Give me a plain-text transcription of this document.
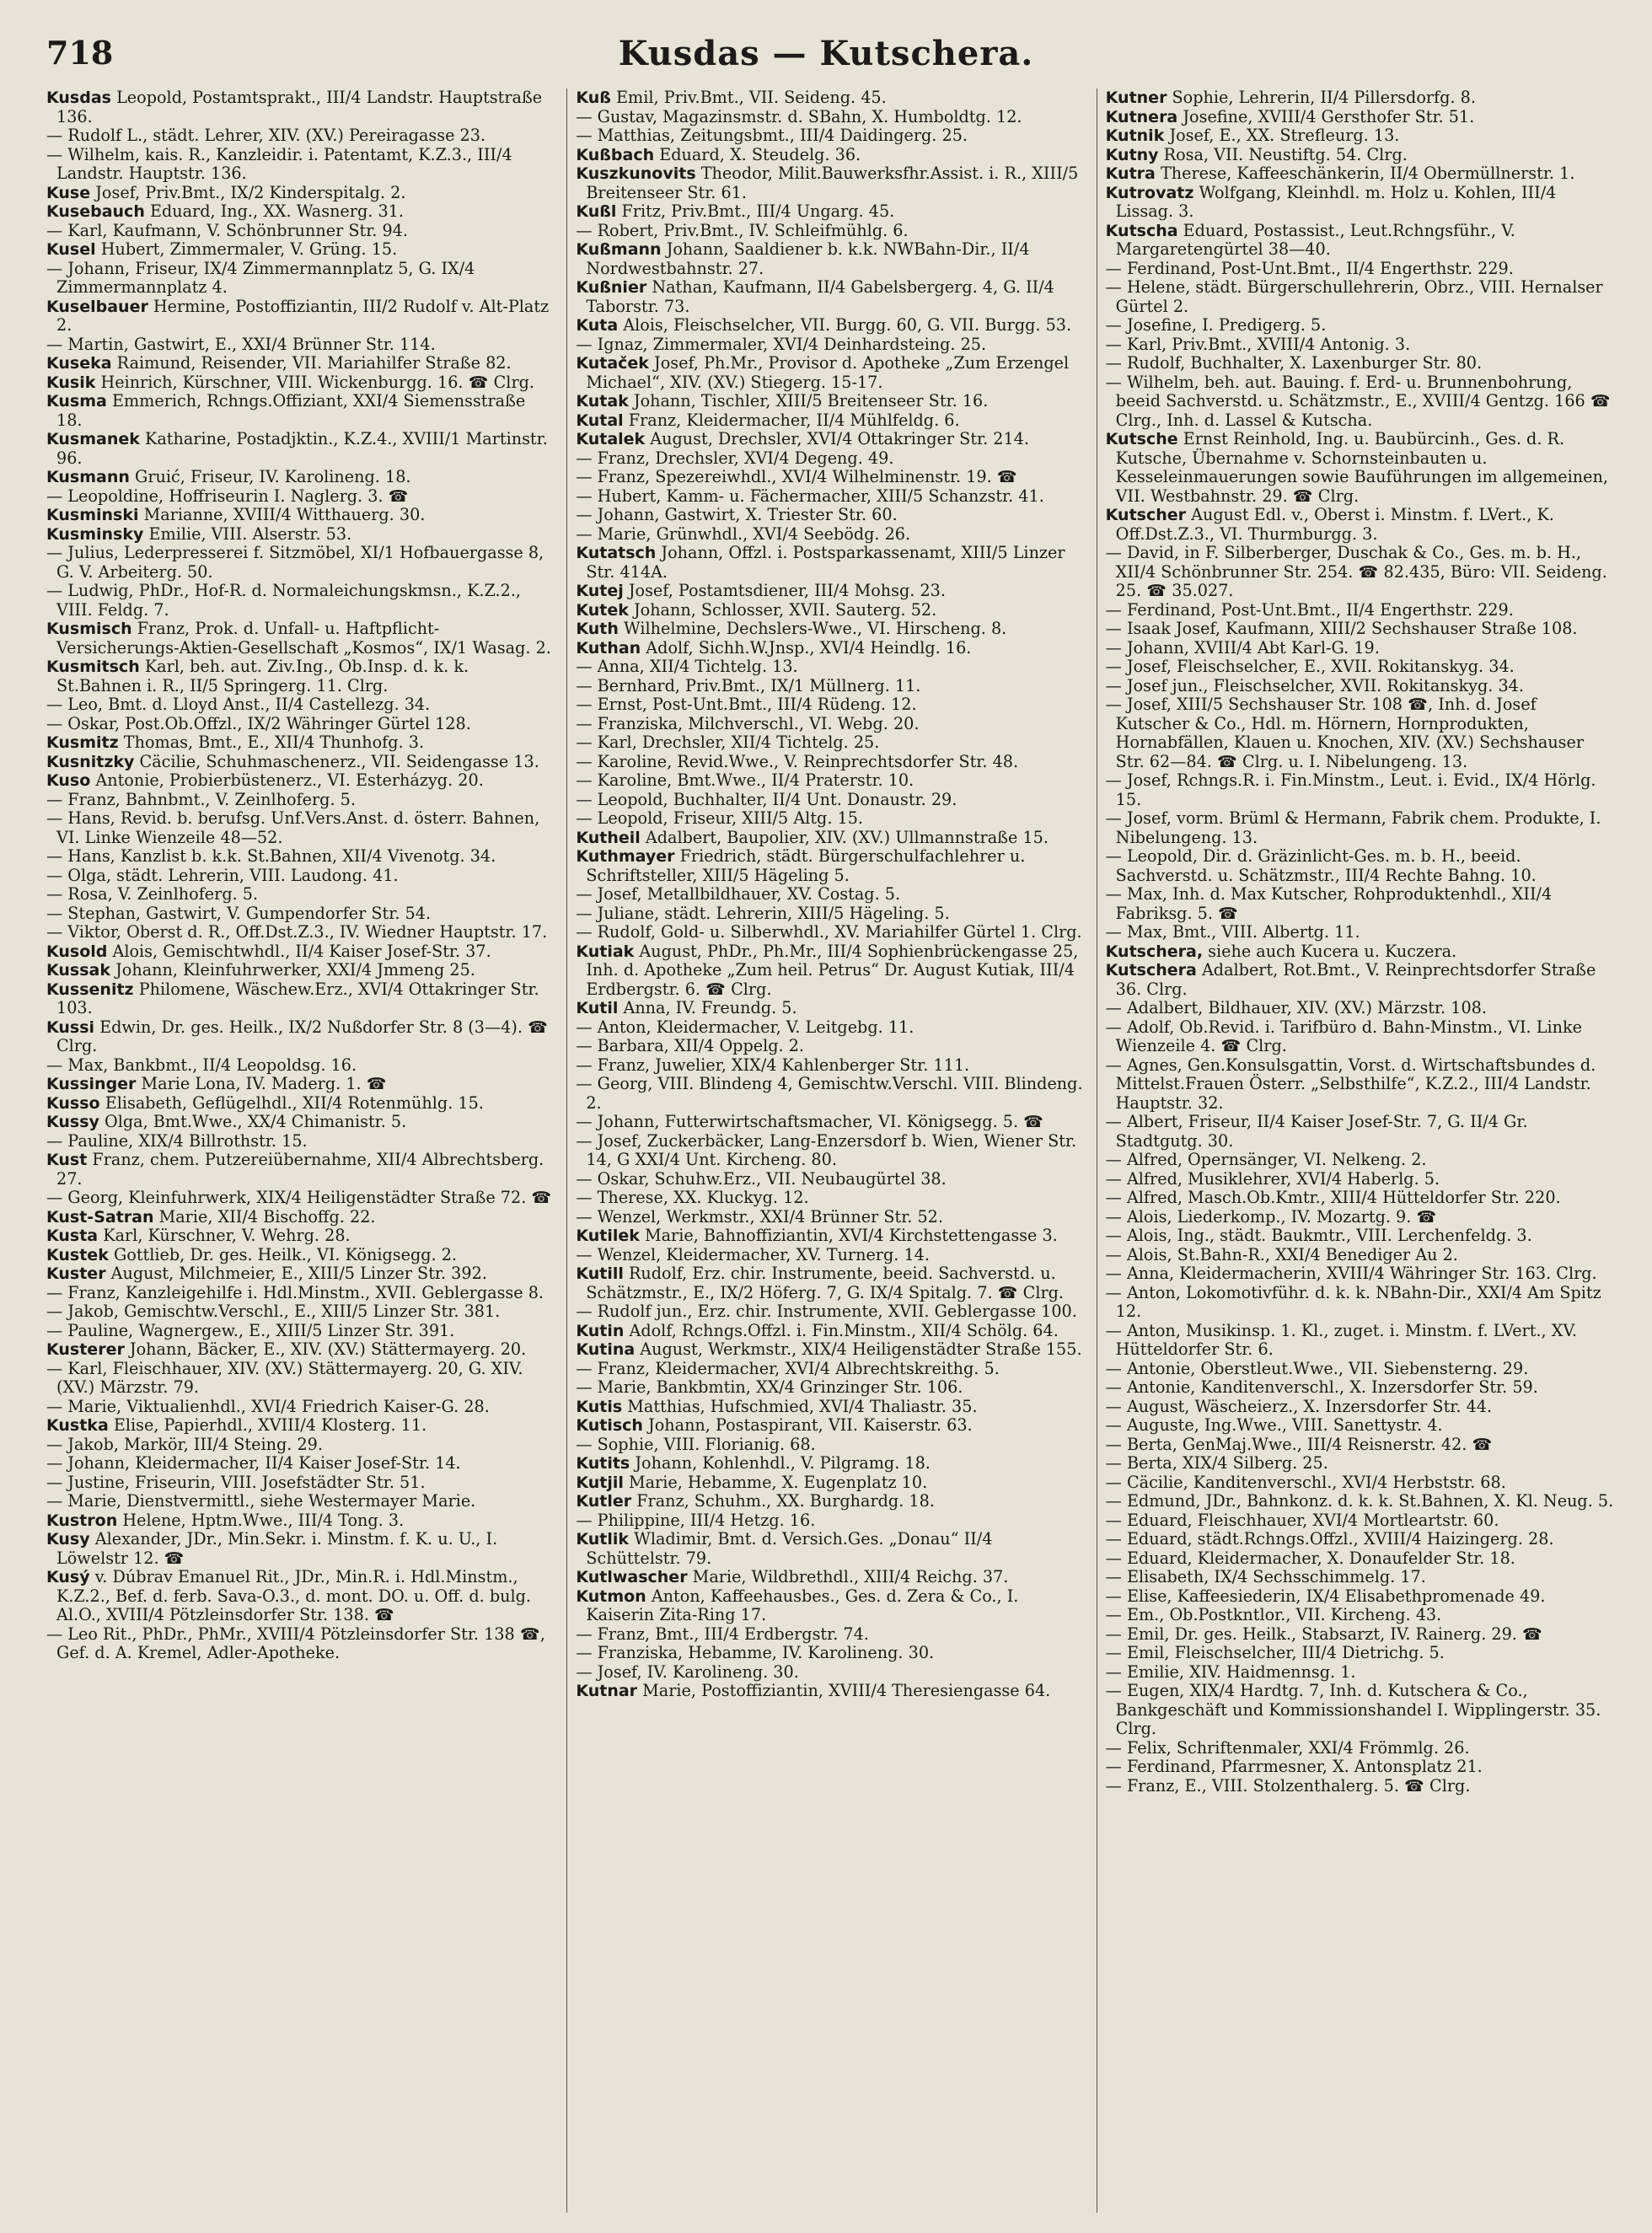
718	Kusdas — Kutschera.

Kusdas Leopold, Postamtsprakt., III/4 Landstr. Hauptstraße 136.

— Rudolf L., städt. Lehrer, XIV. (XV.) Pereiragasse 23.

— Wilhelm, kais. R., Kanzleidir. i. Patentamt, K.Z.3., III/4 Landstr. Hauptstr. 136.

Kuse Josef, Priv.Bmt., IX/2 Kinderspitalg. 2.

Kusebauch Eduard, Ing., XX. Wasnerg. 31.

— Karl, Kaufmann, V. Schönbrunner Str. 94.

Kusel Hubert, Zimmermaler, V. Grüng. 15.

— Johann, Friseur, IX/4 Zimmermannplatz 5, G. IX/4 Zimmermannplatz 4.

Kuselbauer Hermine, Postoffiziantin, III/2 Rudolf v. Alt-Platz 2.

— Martin, Gastwirt, E., XXI/4 Brünner Str. 114.

Kuseka Raimund, Reisender, VII. Mariahilfer Straße 82.

Kusik Heinrich, Kürschner, VIII. Wickenburgg. 16. ☎ Clrg.

Kusma Emmerich, Rchngs.Offiziant, XXI/4 Siemensstraße 18.

Kusmanek Katharine, Postadjktin., K.Z.4., XVIII/1 Martinstr. 96.

Kusmann Gruić, Friseur, IV. Karolineng. 18.

— Leopoldine, Hoffriseurin I. Naglerg. 3. ☎

Kusminski Marianne, XVIII/4 Witthauerg. 30.

Kusminsky Emilie, VIII. Alserstr. 53.

— Julius, Lederpresserei f. Sitzmöbel, XI/1 Hofbauergasse 8, G. V. Arbeiterg. 50.

— Ludwig, PhDr., Hof-R. d. Normaleichungskmsn., K.Z.2., VIII. Feldg. 7.

Kusmisch Franz, Prok. d. Unfall- u. Haftpflicht-Versicherungs-Aktien-Gesellschaft „Kosmos“, IX/1 Wasag. 2.

Kusmitsch Karl, beh. aut. Ziv.Ing., Ob.Insp. d. k. k. St.Bahnen i. R., II/5 Springerg. 11. Clrg.

— Leo, Bmt. d. Lloyd Anst., II/4 Castellezg. 34.

— Oskar, Post.Ob.Offzl., IX/2 Währinger Gürtel 128.

Kusmitz Thomas, Bmt., E., XII/4 Thunhofg. 3.

Kusnitzky Cäcilie, Schuhmaschenerz., VII. Seidengasse 13.

Kuso Antonie, Probierbüstenerz., VI. Esterházyg. 20.

— Franz, Bahnbmt., V. Zeinlhoferg. 5.

— Hans, Revid. b. berufsg. Unf.Vers.Anst. d. österr. Bahnen, VI. Linke Wienzeile 48—52.

— Hans, Kanzlist b. k.k. St.Bahnen, XII/4 Vivenotg. 34.

— Olga, städt. Lehrerin, VIII. Laudong. 41.

— Rosa, V. Zeinlhoferg. 5.

— Stephan, Gastwirt, V. Gumpendorfer Str. 54.

— Viktor, Oberst d. R., Off.Dst.Z.3., IV. Wiedner Hauptstr. 17.

Kusold Alois, Gemischtwhdl., II/4 Kaiser Josef-Str. 37.

Kussak Johann, Kleinfuhrwerker, XXI/4 Jmmeng 25.

Kussenitz Philomene, Wäschew.Erz., XVI/4 Ottakringer Str. 103.

Kussi Edwin, Dr. ges. Heilk., IX/2 Nußdorfer Str. 8 (3—4). ☎ Clrg.

— Max, Bankbmt., II/4 Leopoldsg. 16.

Kussinger Marie Lona, IV. Maderg. 1. ☎

Kusso Elisabeth, Geflügelhdl., XII/4 Rotenmühlg. 15.

Kussy Olga, Bmt.Wwe., XX/4 Chimanistr. 5.

— Pauline, XIX/4 Billrothstr. 15.

Kust Franz, chem. Putzereiübernahme, XII/4 Albrechtsberg. 27.

— Georg, Kleinfuhrwerk, XIX/4 Heiligenstädter Straße 72. ☎

Kust-Satran Marie, XII/4 Bischoffg. 22.

Kusta Karl, Kürschner, V. Wehrg. 28.

Kustek Gottlieb, Dr. ges. Heilk., VI. Königsegg. 2.

Kuster August, Milchmeier, E., XIII/5 Linzer Str. 392.

— Franz, Kanzleigehilfe i. Hdl.Minstm., XVII. Geblergasse 8.

— Jakob, Gemischtw.Verschl., E., XIII/5 Linzer Str. 381.

— Pauline, Wagnergew., E., XIII/5 Linzer Str. 391.

Kusterer Johann, Bäcker, E., XIV. (XV.) Stättermayerg. 20.

— Karl, Fleischhauer, XIV. (XV.) Stättermayerg. 20, G. XIV. (XV.) Märzstr. 79.

— Marie, Viktualienhdl., XVI/4 Friedrich Kaiser-G. 28.

Kustka Elise, Papierhdl., XVIII/4 Klosterg. 11.

— Jakob, Markör, III/4 Steing. 29.

— Johann, Kleidermacher, II/4 Kaiser Josef-Str. 14.

— Justine, Friseurin, VIII. Josefstädter Str. 51.

— Marie, Dienstvermittl., siehe Westermayer Marie.

Kustron Helene, Hptm.Wwe., III/4 Tong. 3.

Kusy Alexander, JDr., Min.Sekr. i. Minstm. f. K. u. U., I. Löwelstr 12. ☎

Kusý v. Dúbrav Emanuel Rit., JDr., Min.R. i. Hdl.Minstm., K.Z.2., Bef. d. ferb. Sava-O.3., d. mont. DO. u. Off. d. bulg. Al.O., XVIII/4 Pötzleinsdorfer Str. 138. ☎

— Leo Rit., PhDr., PhMr., XVIII/4 Pötzleinsdorfer Str. 138 ☎, Gef. d. A. Kremel, Adler-Apotheke.

Kuß Emil, Priv.Bmt., VII. Seideng. 45.

— Gustav, Magazinsmstr. d. SBahn, X. Humboldtg. 12.

— Matthias, Zeitungsbmt., III/4 Daidingerg. 25.

Kußbach Eduard, X. Steudelg. 36.

Kuszkunovits Theodor, Milit.Bauwerksfhr.Assist. i. R., XIII/5 Breitenseer Str. 61.

Kußl Fritz, Priv.Bmt., III/4 Ungarg. 45.

— Robert, Priv.Bmt., IV. Schleifmühlg. 6.

Kußmann Johann, Saaldiener b. k.k. NWBahn-Dir., II/4 Nordwestbahnstr. 27.

Kußnier Nathan, Kaufmann, II/4 Gabelsbergerg. 4, G. II/4 Taborstr. 73.

Kuta Alois, Fleischselcher, VII. Burgg. 60, G. VII. Burgg. 53.

— Ignaz, Zimmermaler, XVI/4 Deinhardsteing. 25.

Kutaček Josef, Ph.Mr., Provisor d. Apotheke „Zum Erzengel Michael“, XIV. (XV.) Stiegerg. 15-17.

Kutak Johann, Tischler, XIII/5 Breitenseer Str. 16.

Kutal Franz, Kleidermacher, II/4 Mühlfeldg. 6.

Kutalek August, Drechsler, XVI/4 Ottakringer Str. 214.

— Franz, Drechsler, XVI/4 Degeng. 49.

— Franz, Spezereiwhdl., XVI/4 Wilhelminenstr. 19. ☎

— Hubert, Kamm- u. Fächermacher, XIII/5 Schanzstr. 41.

— Johann, Gastwirt, X. Triester Str. 60.

— Marie, Grünwhdl., XVI/4 Seebödg. 26.

Kutatsch Johann, Offzl. i. Postsparkassenamt, XIII/5 Linzer Str. 414A.

Kutej Josef, Postamtsdiener, III/4 Mohsg. 23.

Kutek Johann, Schlosser, XVII. Sauterg. 52.

Kuth Wilhelmine, Dechslers-Wwe., VI. Hirscheng. 8.

Kuthan Adolf, Sichh.W.Jnsp., XVI/4 Heindlg. 16.

— Anna, XII/4 Tichtelg. 13.

— Bernhard, Priv.Bmt., IX/1 Müllnerg. 11.

— Ernst, Post-Unt.Bmt., III/4 Rüdeng. 12.

— Franziska, Milchverschl., VI. Webg. 20.

— Karl, Drechsler, XII/4 Tichtelg. 25.

— Karoline, Revid.Wwe., V. Reinprechtsdorfer Str. 48.

— Karoline, Bmt.Wwe., II/4 Praterstr. 10.

— Leopold, Buchhalter, II/4 Unt. Donaustr. 29.

— Leopold, Friseur, XIII/5 Altg. 15.

Kutheil Adalbert, Baupolier, XIV. (XV.) Ullmannstraße 15.

Kuthmayer Friedrich, städt. Bürgerschulfachlehrer u. Schriftsteller, XIII/5 Hägeling 5.

— Josef, Metallbildhauer, XV. Costag. 5.

— Juliane, städt. Lehrerin, XIII/5 Hägeling. 5.

— Rudolf, Gold- u. Silberwhdl., XV. Mariahilfer Gürtel 1. Clrg.

Kutiak August, PhDr., Ph.Mr., III/4 Sophienbrückengasse 25, Inh. d. Apotheke „Zum heil. Petrus“ Dr. August Kutiak, III/4 Erdbergstr. 6. ☎ Clrg.

Kutil Anna, IV. Freundg. 5.

— Anton, Kleidermacher, V. Leitgebg. 11.

— Barbara, XII/4 Oppelg. 2.

— Franz, Juwelier, XIX/4 Kahlenberger Str. 111.

— Georg, VIII. Blindeng 4, Gemischtw.Verschl. VIII. Blindeng. 2.

— Johann, Futterwirtschaftsmacher, VI. Königsegg. 5. ☎

— Josef, Zuckerbäcker, Lang-Enzersdorf b. Wien, Wiener Str. 14, G XXI/4 Unt. Kircheng. 80.

— Oskar, Schuhw.Erz., VII. Neubaugürtel 38.

— Therese, XX. Kluckyg. 12.

— Wenzel, Werkmstr., XXI/4 Brünner Str. 52.

Kutilek Marie, Bahnoffiziantin, XVI/4 Kirchstettengasse 3.

— Wenzel, Kleidermacher, XV. Turnerg. 14.

Kutill Rudolf, Erz. chir. Instrumente, beeid. Sachverstd. u. Schätzmstr., E., IX/2 Höferg. 7, G. IX/4 Spitalg. 7. ☎ Clrg.

— Rudolf jun., Erz. chir. Instrumente, XVII. Geblergasse 100.

Kutin Adolf, Rchngs.Offzl. i. Fin.Minstm., XII/4 Schölg. 64.

Kutina August, Werkmstr., XIX/4 Heiligenstädter Straße 155.

— Franz, Kleidermacher, XVI/4 Albrechtskreithg. 5.

— Marie, Bankbmtin, XX/4 Grinzinger Str. 106.

Kutis Matthias, Hufschmied, XVI/4 Thaliastr. 35.

Kutisch Johann, Postaspirant, VII. Kaiserstr. 63.

— Sophie, VIII. Florianig. 68.

Kutits Johann, Kohlenhdl., V. Pilgramg. 18.

Kutjil Marie, Hebamme, X. Eugenplatz 10.

Kutler Franz, Schuhm., XX. Burghardg. 18.

— Philippine, III/4 Hetzg. 16.

Kutlik Wladimir, Bmt. d. Versich.Ges. „Donau“ II/4 Schüttelstr. 79.

Kutlwascher Marie, Wildbrethdl., XIII/4 Reichg. 37.

Kutmon Anton, Kaffeehausbes., Ges. d. Zera & Co., I. Kaiserin Zita-Ring 17.

— Franz, Bmt., III/4 Erdbergstr. 74.

— Franziska, Hebamme, IV. Karolineng. 30.

— Josef, IV. Karolineng. 30.

Kutnar Marie, Postoffiziantin, XVIII/4 Theresiengasse 64.

Kutner Sophie, Lehrerin, II/4 Pillersdorfg. 8.

Kutnera Josefine, XVIII/4 Gersthofer Str. 51.

Kutnik Josef, E., XX. Strefleurg. 13.

Kutny Rosa, VII. Neustiftg. 54. Clrg.

Kutra Therese, Kaffeeschänkerin, II/4 Obermüllnerstr. 1.

Kutrovatz Wolfgang, Kleinhdl. m. Holz u. Kohlen, III/4 Lissag. 3.

Kutscha Eduard, Postassist., Leut.Rchngsführ., V. Margaretengürtel 38—40.

— Ferdinand, Post-Unt.Bmt., II/4 Engerthstr. 229.

— Helene, städt. Bürgerschullehrerin, Obrz., VIII. Hernalser Gürtel 2.

— Josefine, I. Predigerg. 5.

— Karl, Priv.Bmt., XVIII/4 Antonig. 3.

— Rudolf, Buchhalter, X. Laxenburger Str. 80.

— Wilhelm, beh. aut. Bauing. f. Erd- u. Brunnenbohrung, beeid Sachverstd. u. Schätzmstr., E., XVIII/4 Gentzg. 166 ☎ Clrg., Inh. d. Lassel & Kutscha.

Kutsche Ernst Reinhold, Ing. u. Baubürcinh., Ges. d. R. Kutsche, Übernahme v. Schornsteinbauten u. Kesseleinmauerungen sowie Bauführungen im allgemeinen, VII. Westbahnstr. 29. ☎ Clrg.

Kutscher August Edl. v., Oberst i. Minstm. f. LVert., K. Off.Dst.Z.3., VI. Thurmburgg. 3.

— David, in F. Silberberger, Duschak & Co., Ges. m. b. H., XII/4 Schönbrunner Str. 254. ☎ 82.435, Büro: VII. Seideng. 25. ☎ 35.027.

— Ferdinand, Post-Unt.Bmt., II/4 Engerthstr. 229.

— Isaak Josef, Kaufmann, XIII/2 Sechshauser Straße 108.

— Johann, XVIII/4 Abt Karl-G. 19.

— Josef, Fleischselcher, E., XVII. Rokitanskyg. 34.

— Josef jun., Fleischselcher, XVII. Rokitanskyg. 34.

— Josef, XIII/5 Sechshauser Str. 108 ☎, Inh. d. Josef Kutscher & Co., Hdl. m. Hörnern, Hornprodukten, Hornabfällen, Klauen u. Knochen, XIV. (XV.) Sechshauser Str. 62—84. ☎ Clrg. u. I. Nibelungeng. 13.

— Josef, Rchngs.R. i. Fin.Minstm., Leut. i. Evid., IX/4 Hörlg. 15.

— Josef, vorm. Brüml & Hermann, Fabrik chem. Produkte, I. Nibelungeng. 13.

— Leopold, Dir. d. Gräzinlicht-Ges. m. b. H., beeid. Sachverstd. u. Schätzmstr., III/4 Rechte Bahng. 10.

— Max, Inh. d. Max Kutscher, Rohproduktenhdl., XII/4 Fabriksg. 5. ☎

— Max, Bmt., VIII. Albertg. 11.

Kutschera, siehe auch Kucera u. Kuczera.

Kutschera Adalbert, Rot.Bmt., V. Reinprechtsdorfer Straße 36. Clrg.

— Adalbert, Bildhauer, XIV. (XV.) Märzstr. 108.

— Adolf, Ob.Revid. i. Tarifbüro d. Bahn-Minstm., VI. Linke Wienzeile 4. ☎ Clrg.

— Agnes, Gen.Konsulsgattin, Vorst. d. Wirtschaftsbundes d. Mittelst.Frauen Österr. „Selbsthilfe“, K.Z.2., III/4 Landstr. Hauptstr. 32.

— Albert, Friseur, II/4 Kaiser Josef-Str. 7, G. II/4 Gr. Stadtgutg. 30.

— Alfred, Opernsänger, VI. Nelkeng. 2.

— Alfred, Musiklehrer, XVI/4 Haberlg. 5.

— Alfred, Masch.Ob.Kmtr., XIII/4 Hütteldorfer Str. 220.

— Alois, Liederkomp., IV. Mozartg. 9. ☎

— Alois, Ing., städt. Baukmtr., VIII. Lerchenfeldg. 3.

— Alois, St.Bahn-R., XXI/4 Benediger Au 2.

— Anna, Kleidermacherin, XVIII/4 Währinger Str. 163. Clrg.

— Anton, Lokomotivführ. d. k. k. NBahn-Dir., XXI/4 Am Spitz 12.

— Anton, Musikinsp. 1. Kl., zuget. i. Minstm. f. LVert., XV. Hütteldorfer Str. 6.

— Antonie, Oberstleut.Wwe., VII. Siebensterng. 29.

— Antonie, Kanditenverschl., X. Inzersdorfer Str. 59.

— August, Wäscheierz., X. Inzersdorfer Str. 44.

— Auguste, Ing.Wwe., VIII. Sanettystr. 4.

— Berta, GenMaj.Wwe., III/4 Reisnerstr. 42. ☎

— Berta, XIX/4 Silberg. 25.

— Cäcilie, Kanditenverschl., XVI/4 Herbststr. 68.

— Edmund, JDr., Bahnkonz. d. k. k. St.Bahnen, X. Kl. Neug. 5.

— Eduard, Fleischhauer, XVI/4 Mortleartstr. 60.

— Eduard, städt.Rchngs.Offzl., XVIII/4 Haizingerg. 28.

— Eduard, Kleidermacher, X. Donaufelder Str. 18.

— Elisabeth, IX/4 Sechsschimmelg. 17.

— Elise, Kaffeesiederin, IX/4 Elisabethpromenade 49.

— Em., Ob.Postkntlor., VII. Kircheng. 43.

— Emil, Dr. ges. Heilk., Stabsarzt, IV. Rainerg. 29. ☎

— Emil, Fleischselcher, III/4 Dietrichg. 5.

— Emilie, XIV. Haidmennsg. 1.

— Eugen, XIX/4 Hardtg. 7, Inh. d. Kutschera & Co., Bankgeschäft und Kommissionshandel I. Wipplingerstr. 35. Clrg.

— Felix, Schriftenmaler, XXI/4 Frömmlg. 26.

— Ferdinand, Pfarrmesner, X. Antonsplatz 21.

— Franz, E., VIII. Stolzenthalerg. 5. ☎ Clrg.
